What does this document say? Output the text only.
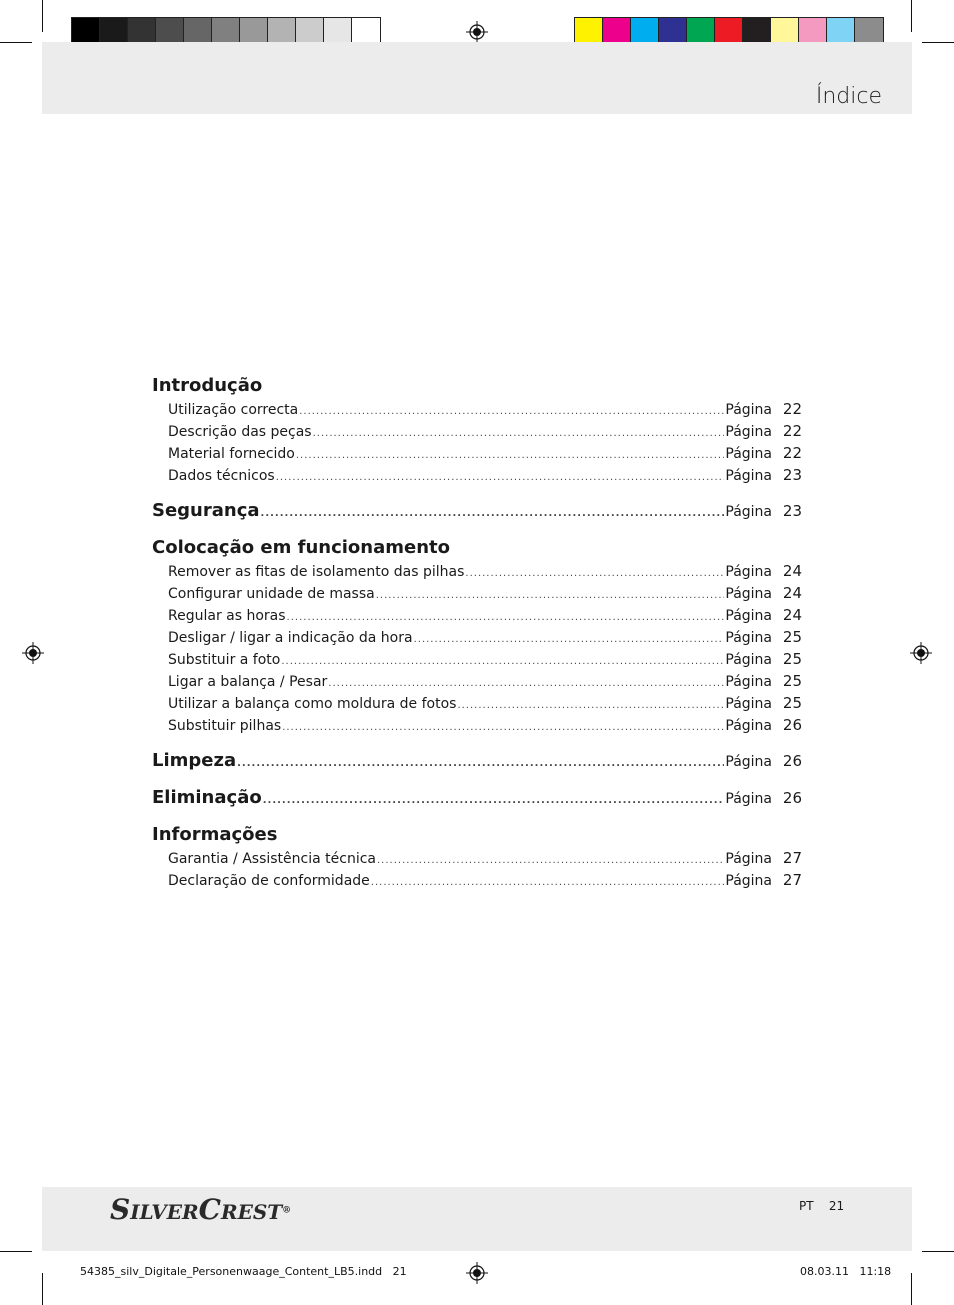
Índice
Introdução
Utilização correcta .....	Página 22
Descrição das peças .....	Página 22
Material fornecido .....	Página 22
Dados técnicos .....	Página 23
Segurança .....	Página 23
Colocação em funcionamento
Remover as fitas de isolamento das pilhas .....	Página 24
Configurar unidade de massa .....	Página 24
Regular as horas .....	Página 24
Desligar / ligar a indicação da hora .....	Página 25
Substituir a foto .....	Página 25
Ligar a balança / Pesar .....	Página 25
Utilizar a balança como moldura de fotos .....	Página 25
Substituir pilhas .....	Página 26
Limpeza .....	Página 26
Eliminação .....	Página 26
Informações
Garantia / Assistência técnica .....	Página 27
Declaração de conformidade .....	Página 27
SILVERCREST®	PT 21
54385_silv_Digitale_Personenwaage_Content_LB5.indd   21	08.03.11   11:18
